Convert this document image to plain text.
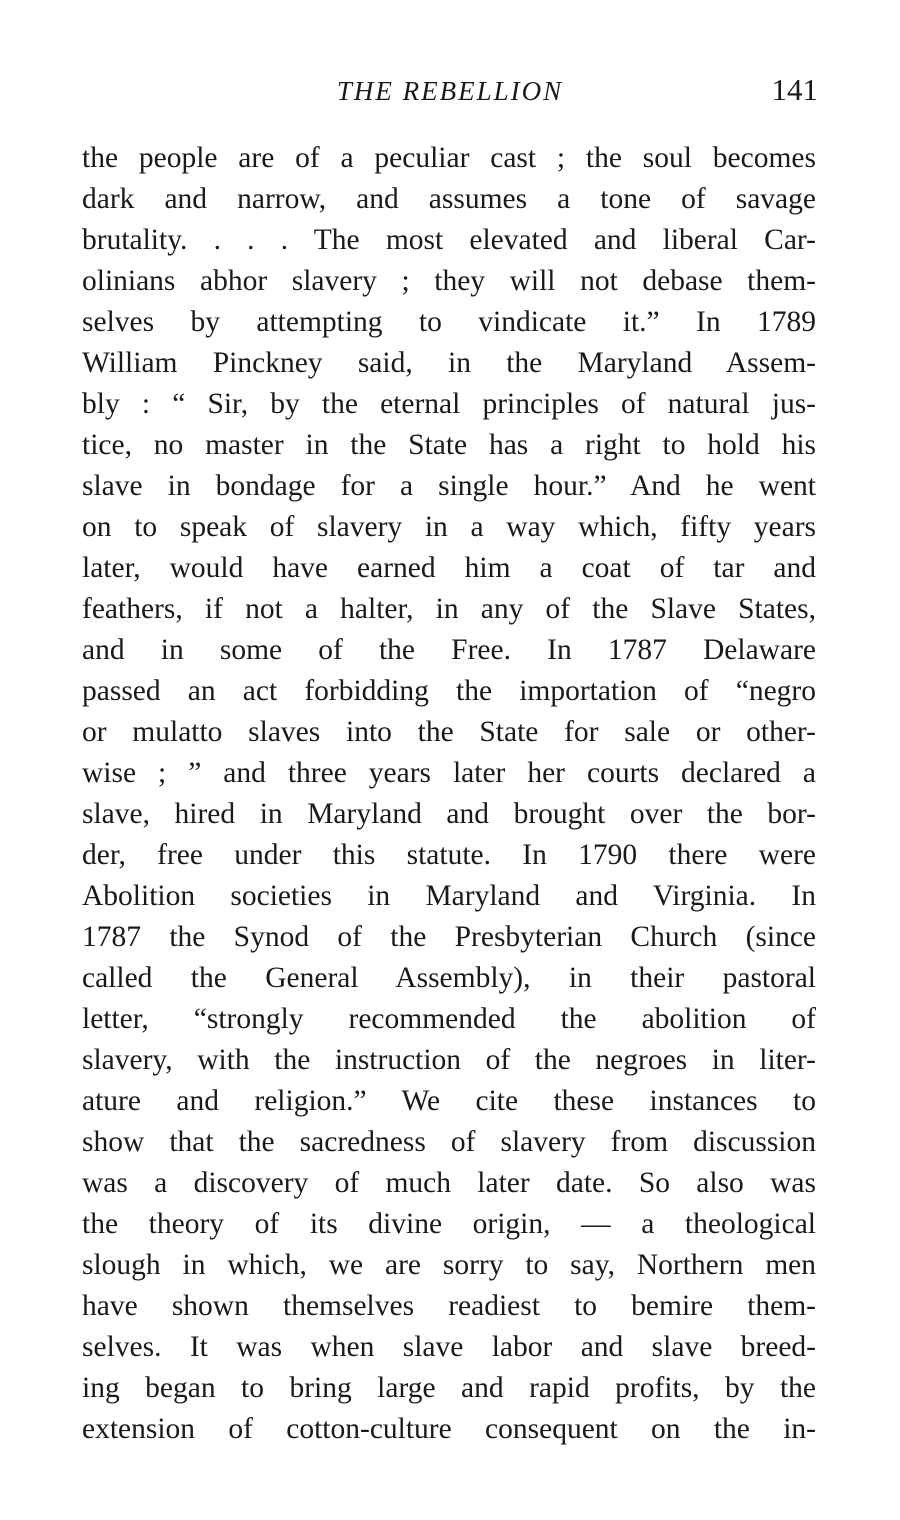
THE REBELLION	141
the people are of a peculiar cast ; the soul becomes
dark and narrow, and assumes a tone of savage
brutality. . . . The most elevated and liberal Car-
olinians abhor slavery ; they will not debase them-
selves by attempting to vindicate it.” In 1789
William Pinckney said, in the Maryland Assem-
bly : “ Sir, by the eternal principles of natural jus-
tice, no master in the State has a right to hold his
slave in bondage for a single hour.” And he went
on to speak of slavery in a way which, fifty years
later, would have earned him a coat of tar and
feathers, if not a halter, in any of the Slave States,
and in some of the Free. In 1787 Delaware
passed an act forbidding the importation of “negro
or mulatto slaves into the State for sale or other-
wise ; ” and three years later her courts declared a
slave, hired in Maryland and brought over the bor-
der, free under this statute. In 1790 there were
Abolition societies in Maryland and Virginia. In
1787 the Synod of the Presbyterian Church (since
called the General Assembly), in their pastoral
letter, “strongly recommended the abolition of
slavery, with the instruction of the negroes in liter-
ature and religion.” We cite these instances to
show that the sacredness of slavery from discussion
was a discovery of much later date. So also was
the theory of its divine origin, — a theological
slough in which, we are sorry to say, Northern men
have shown themselves readiest to bemire them-
selves. It was when slave labor and slave breed-
ing began to bring large and rapid profits, by the
extension of cotton-culture consequent on the in-
